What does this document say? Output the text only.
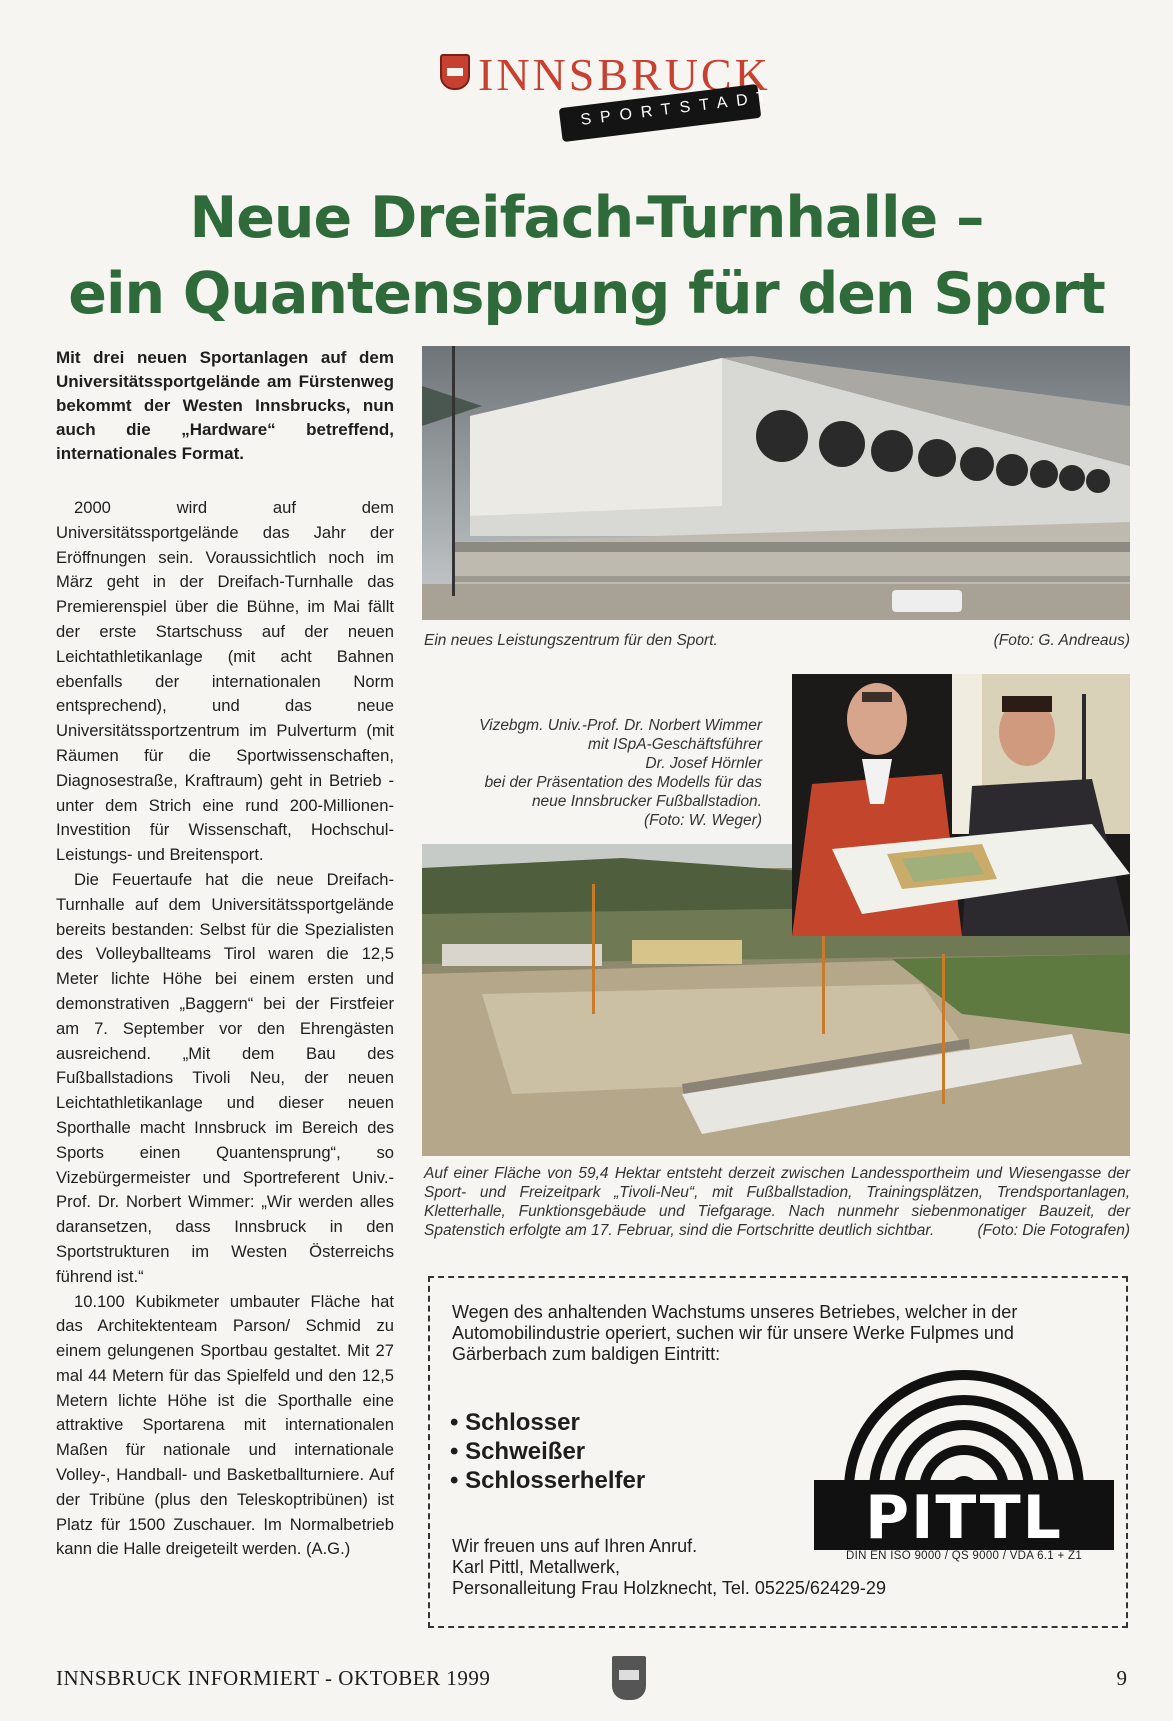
INNSBRUCK
SPORTSTADT
Neue Dreifach-Turnhalle –
ein Quantensprung für den Sport
Mit drei neuen Sportanlagen auf dem Universitätssportgelände am Fürstenweg bekommt der Westen Innsbrucks, nun auch die „Hardware“ betreffend, internationales Format.

2000 wird auf dem Universitätssportgelände das Jahr der Eröffnungen sein. Voraussichtlich noch im März geht in der Dreifach-Turnhalle das Premierenspiel über die Bühne, im Mai fällt der erste Startschuss auf der neuen Leichtathletikanlage (mit acht Bahnen ebenfalls der internationalen Norm entsprechend), und das neue Universitätssportzentrum im Pulverturm (mit Räumen für die Sportwissenschaften, Diagnosestraße, Kraftraum) geht in Betrieb - unter dem Strich eine rund 200-Millionen-Investition für Wissenschaft, Hochschul-Leistungs- und Breitensport.

Die Feuertaufe hat die neue Dreifach-Turnhalle auf dem Universitätssportgelände bereits bestanden: Selbst für die Spezialisten des Volleyballteams Tirol waren die 12,5 Meter lichte Höhe bei einem ersten und demonstrativen „Baggern“ bei der Firstfeier am 7. September vor den Ehrengästen ausreichend. „Mit dem Bau des Fußballstadions Tivoli Neu, der neuen Leichtathletikanlage und dieser neuen Sporthalle macht Innsbruck im Bereich des Sports einen Quantensprung“, so Vizebürgermeister und Sportreferent Univ.-Prof. Dr. Norbert Wimmer: „Wir werden alles daransetzen, dass Innsbruck in den Sportstrukturen im Westen Österreichs führend ist.“

10.100 Kubikmeter umbauter Fläche hat das Architektenteam Parson/ Schmid zu einem gelungenen Sportbau gestaltet. Mit 27 mal 44 Metern für das Spielfeld und den 12,5 Metern lichte Höhe ist die Sporthalle eine attraktive Sportarena mit internationalen Maßen für nationale und internationale Volley-, Handball- und Basketballturniere. Auf der Tribüne (plus den Teleskoptribünen) ist Platz für 1500 Zuschauer. Im Normalbetrieb kann die Halle dreigeteilt werden. (A.G.)

Ein neues Leistungszentrum für den Sport.	(Foto: G. Andreaus)
Vizebgm. Univ.-Prof. Dr. Norbert Wimmer
mit ISpA-Geschäftsführer
Dr. Josef Hörnler
bei der Präsentation des Modells für das
neue Innsbrucker Fußballstadion.
(Foto: W. Weger)
Auf einer Fläche von 59,4 Hektar entsteht derzeit zwischen Landessportheim und Wiesengasse der Sport- und Freizeitpark „Tivoli-Neu“, mit Fußballstadion, Trainingsplätzen, Trendsportanlagen, Kletterhalle, Funktionsgebäude und Tiefgarage. Nach nunmehr siebenmonatiger Bauzeit, der Spatenstich erfolgte am 17. Februar, sind die Fortschritte deutlich sichtbar.	(Foto: Die Fotografen)
Wegen des anhaltenden Wachstums unseres Betriebes, welcher in der Automobilindustrie operiert, suchen wir für unsere Werke Fulpmes und Gärberbach zum baldigen Eintritt:
• Schlosser
• Schweißer
• Schlosserhelfer
PITTL
DIN EN ISO 9000 / QS 9000 / VDA 6.1 + Z1
Wir freuen uns auf Ihren Anruf.
Karl Pittl, Metallwerk,
Personalleitung Frau Holzknecht, Tel. 05225/62429-29
INNSBRUCK INFORMIERT - OKTOBER 1999	9
